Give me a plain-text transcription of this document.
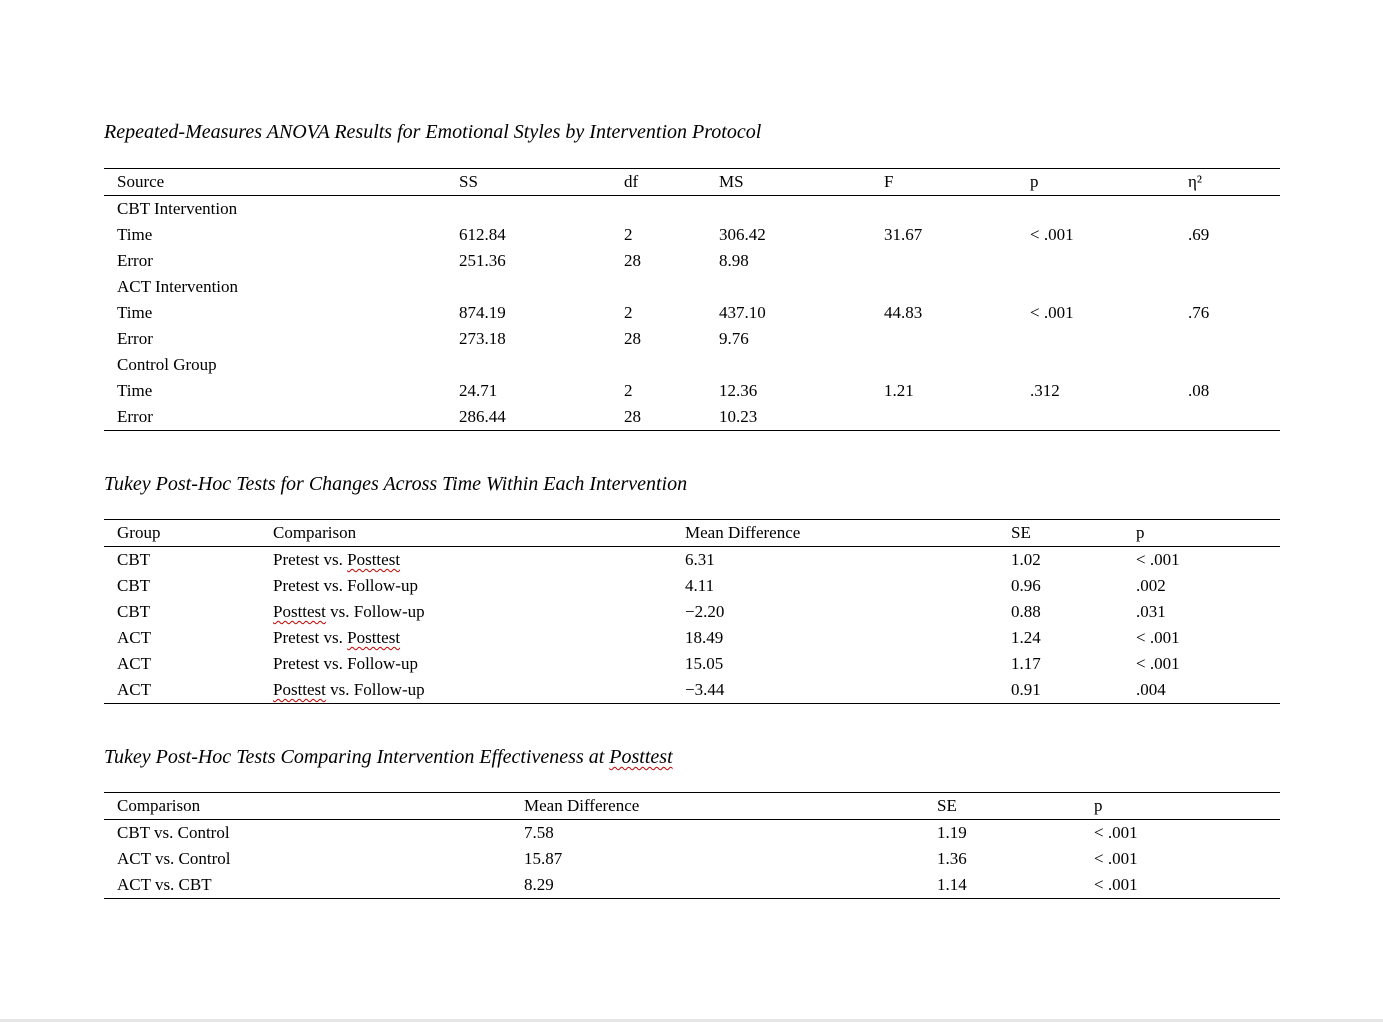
Repeated-Measures ANOVA Results for Emotional Styles by Intervention Protocol
Source	SS	df	MS	F	p	η²
CBT Intervention
Time	612.84	2	306.42	31.67	< .001	.69
Error	251.36	28	8.98
ACT Intervention
Time	874.19	2	437.10	44.83	< .001	.76
Error	273.18	28	9.76
Control Group
Time	24.71	2	12.36	1.21	.312	.08
Error	286.44	28	10.23
Tukey Post-Hoc Tests for Changes Across Time Within Each Intervention
Group	Comparison	Mean Difference	SE	p
CBT	Pretest vs. Posttest	6.31	1.02	< .001
CBT	Pretest vs. Follow-up	4.11	0.96	.002
CBT	Posttest vs. Follow-up	−2.20	0.88	.031
ACT	Pretest vs. Posttest	18.49	1.24	< .001
ACT	Pretest vs. Follow-up	15.05	1.17	< .001
ACT	Posttest vs. Follow-up	−3.44	0.91	.004
Tukey Post-Hoc Tests Comparing Intervention Effectiveness at Posttest
Comparison	Mean Difference	SE	p
CBT vs. Control	7.58	1.19	< .001
ACT vs. Control	15.87	1.36	< .001
ACT vs. CBT	8.29	1.14	< .001
